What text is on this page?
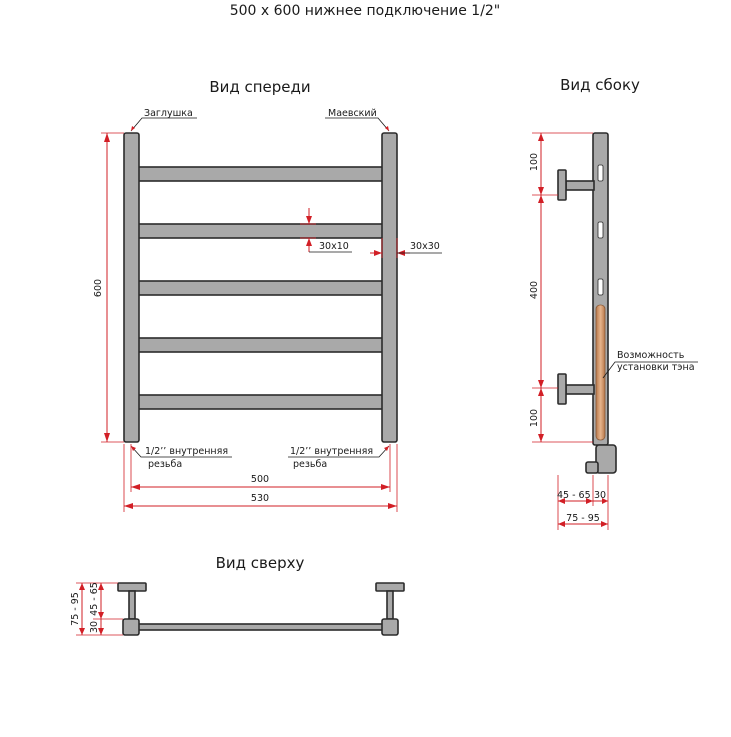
500 x 600 нижнее подключение 1/2"
Вид спереди
Заглушка	Маевский
600
30x10	30x30
1/2’’ внутренняя
резьба
1/2’’ внутренняя
резьба
500
530
Вид сбоку
100
400
100
Возможность
установки тэна
45 - 65 30
75 - 95
Вид сверху
75 - 95 45 - 65
30
